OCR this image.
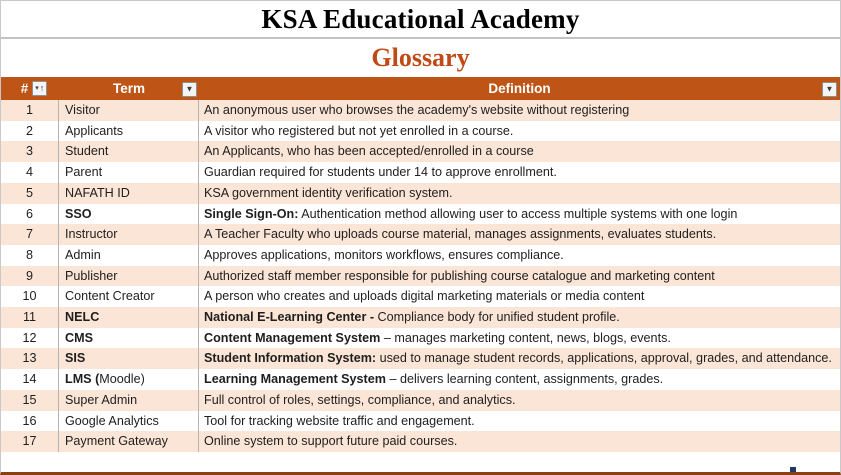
KSA Educational Academy
Glossary
# ▾ ↑	Term	▼	Definition	▼
1	Visitor	An anonymous user who browses the academy's website without registering
2	Applicants	A visitor who registered but not yet enrolled in a course.
3	Student	An Applicants, who has been accepted/enrolled in a course
4	Parent	Guardian required for students under 14 to approve enrollment.
5	NAFATH ID	KSA government identity verification system.
6	SSO	Single Sign-On: Authentication method allowing user to access multiple systems with one login
7	Instructor	A Teacher Faculty who uploads course material, manages assignments, evaluates students.
8	Admin	Approves applications, monitors workflows, ensures compliance.
9	Publisher	Authorized staff member responsible for publishing course catalogue and marketing content
10	Content Creator	A person who creates and uploads digital marketing materials or media content
11	NELC	National E-Learning Center - Compliance body for unified student profile.
12	CMS	Content Management System – manages marketing content, news, blogs, events.
13	SIS	Student Information System: used to manage student records, applications, approval, grades, and attendance.
14	LMS (Moodle)	Learning Management System – delivers learning content, assignments, grades.
15	Super Admin	Full control of roles, settings, compliance, and analytics.
16	Google Analytics	Tool for tracking website traffic and engagement.
17	Payment Gateway	Online system to support future paid courses.
